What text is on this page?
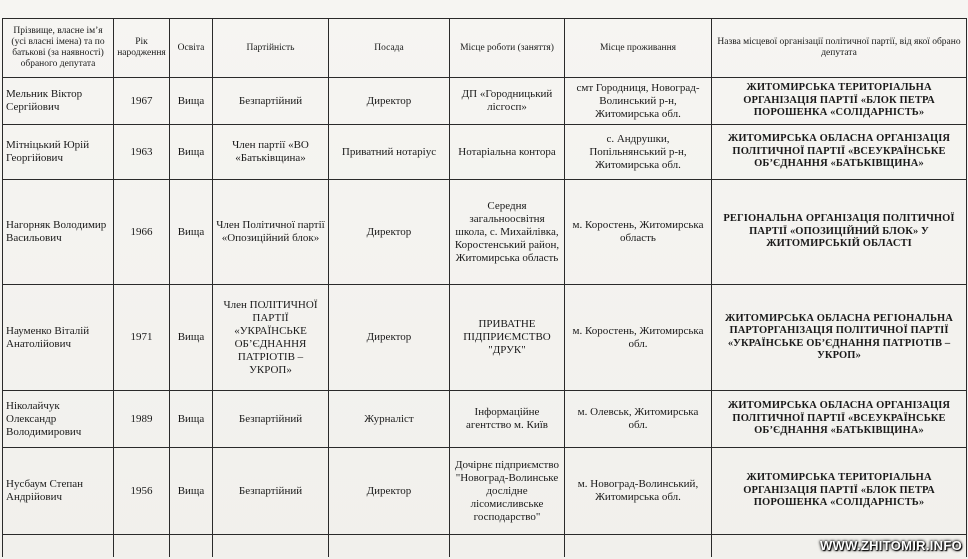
Прізвище, власне ім’я (усі власні імена) та по батькові (за наявності) обраного депутата	Рік народження	Освіта	Партійність	Посада	Місце роботи (заняття)	Місце проживання	Назва місцевої організації політичної партії, від якої обрано депутата
Мельник Віктор Сергійович	1967	Вища	Безпартійний	Директор	ДП «Городницький лісгосп»	смт Городниця, Новоград-Волинський р-н, Житомирська обл.	ЖИТОМИРСЬКА ТЕРИТОРІАЛЬНА ОРГАНІЗАЦІЯ ПАРТІЇ «БЛОК ПЕТРА ПОРОШЕНКА «СОЛІДАРНІСТЬ»
Мітніцький Юрій Георгійович	1963	Вища	Член партії «ВО «Батьківщина»	Приватний нотаріус	Нотаріальна контора	с. Андрушки, Попільнянський р-н, Житомирська обл.	ЖИТОМИРСЬКА ОБЛАСНА ОРГАНІЗАЦІЯ ПОЛІТИЧНОЇ ПАРТІЇ «ВСЕУКРАЇНСЬКЕ ОБ’ЄДНАННЯ «БАТЬКІВЩИНА»
Нагорняк Володимир Васильович	1966	Вища	Член Політичної партії «Опозиційний блок»	Директор	Середня загальноосвітня школа, с. Михайлівка, Коростенський район, Житомирська область	м. Коростень, Житомирська область	РЕГІОНАЛЬНА ОРГАНІЗАЦІЯ ПОЛІТИЧНОЇ ПАРТІЇ «ОПОЗИЦІЙНИЙ БЛОК» У ЖИТОМИРСЬКІЙ ОБЛАСТІ
Науменко Віталій Анатолійович	1971	Вища	Член ПОЛІТИЧНОЇ ПАРТІЇ «УКРАЇНСЬКЕ ОБ’ЄДНАННЯ ПАТРІОТІВ – УКРОП»	Директор	ПРИВАТНЕ ПІДПРИЄМСТВО "ДРУК"	м. Коростень, Житомирська обл.	ЖИТОМИРСЬКА ОБЛАСНА РЕГІОНАЛЬНА ПАРТОРГАНІЗАЦІЯ ПОЛІТИЧНОЇ ПАРТІЇ «УКРАЇНСЬКЕ ОБ’ЄДНАННЯ ПАТРІОТІВ – УКРОП»
Ніколайчук Олександр Володимирович	1989	Вища	Безпартійний	Журналіст	Інформаційне агентство м. Київ	м. Олевськ, Житомирська обл.	ЖИТОМИРСЬКА ОБЛАСНА ОРГАНІЗАЦІЯ ПОЛІТИЧНОЇ ПАРТІЇ «ВСЕУКРАЇНСЬКЕ ОБ’ЄДНАННЯ «БАТЬКІВЩИНА»
Нусбаум Степан Андрійович	1956	Вища	Безпартійний	Директор	Дочірнє підприємство "Новоград-Волинське дослідне лісомисливське господарство"	м. Новоград-Волинський, Житомирська обл.	ЖИТОМИРСЬКА ТЕРИТОРІАЛЬНА ОРГАНІЗАЦІЯ ПАРТІЇ «БЛОК ПЕТРА ПОРОШЕНКА «СОЛІДАРНІСТЬ»

WWW.ZHITOMIR.INFO
